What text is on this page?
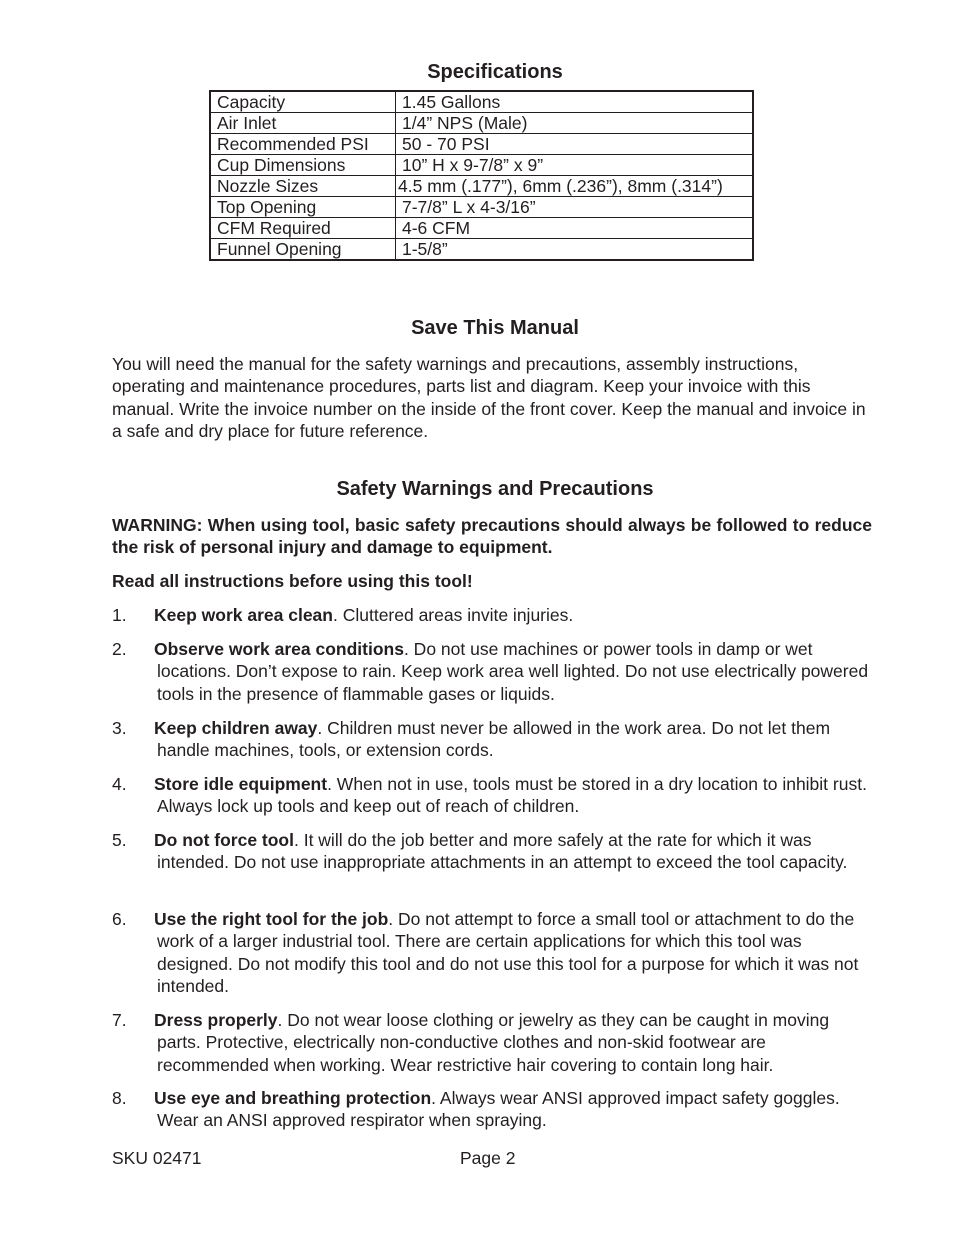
Specifications
Capacity	1.45 Gallons
Air Inlet	1/4” NPS (Male)
Recommended PSI	50 - 70 PSI
Cup Dimensions	10” H x 9-7/8” x 9”
Nozzle Sizes	4.5 mm (.177”), 6mm (.236”), 8mm (.314”)
Top Opening	7-7/8” L x 4-3/16”
CFM Required	4-6 CFM
Funnel Opening	1-5/8”
Save This Manual

You will need the manual for the safety warnings and precautions, assembly instructions, operating and maintenance procedures, parts list and diagram. Keep your invoice with this manual. Write the invoice number on the inside of the front cover. Keep the manual and invoice in a safe and dry place for future reference.

Safety Warnings and Precautions

WARNING: When using tool, basic safety precautions should always be followed to reduce the risk of personal injury and damage to equipment.

Read all instructions before using this tool!

1.	Keep work area clean. Cluttered areas invite injuries.
2.	Observe work area conditions. Do not use machines or power tools in damp or wet locations. Don’t expose to rain. Keep work area well lighted. Do not use electrically powered tools in the presence of flammable gases or liquids.
3.	Keep children away. Children must never be allowed in the work area. Do not let them handle machines, tools, or extension cords.
4.	Store idle equipment. When not in use, tools must be stored in a dry location to inhibit rust. Always lock up tools and keep out of reach of children.
5.	Do not force tool. It will do the job better and more safely at the rate for which it was intended. Do not use inappropriate attachments in an attempt to exceed the tool capacity.
6.	Use the right tool for the job. Do not attempt to force a small tool or attachment to do the work of a larger industrial tool. There are certain applications for which this tool was designed. Do not modify this tool and do not use this tool for a purpose for which it was not intended.
7.	Dress properly. Do not wear loose clothing or jewelry as they can be caught in moving parts. Protective, electrically non-conductive clothes and non-skid footwear are recommended when working. Wear restrictive hair covering to contain long hair.
8.	Use eye and breathing protection. Always wear ANSI approved impact safety goggles. Wear an ANSI approved respirator when spraying.
SKU 02471	Page 2
